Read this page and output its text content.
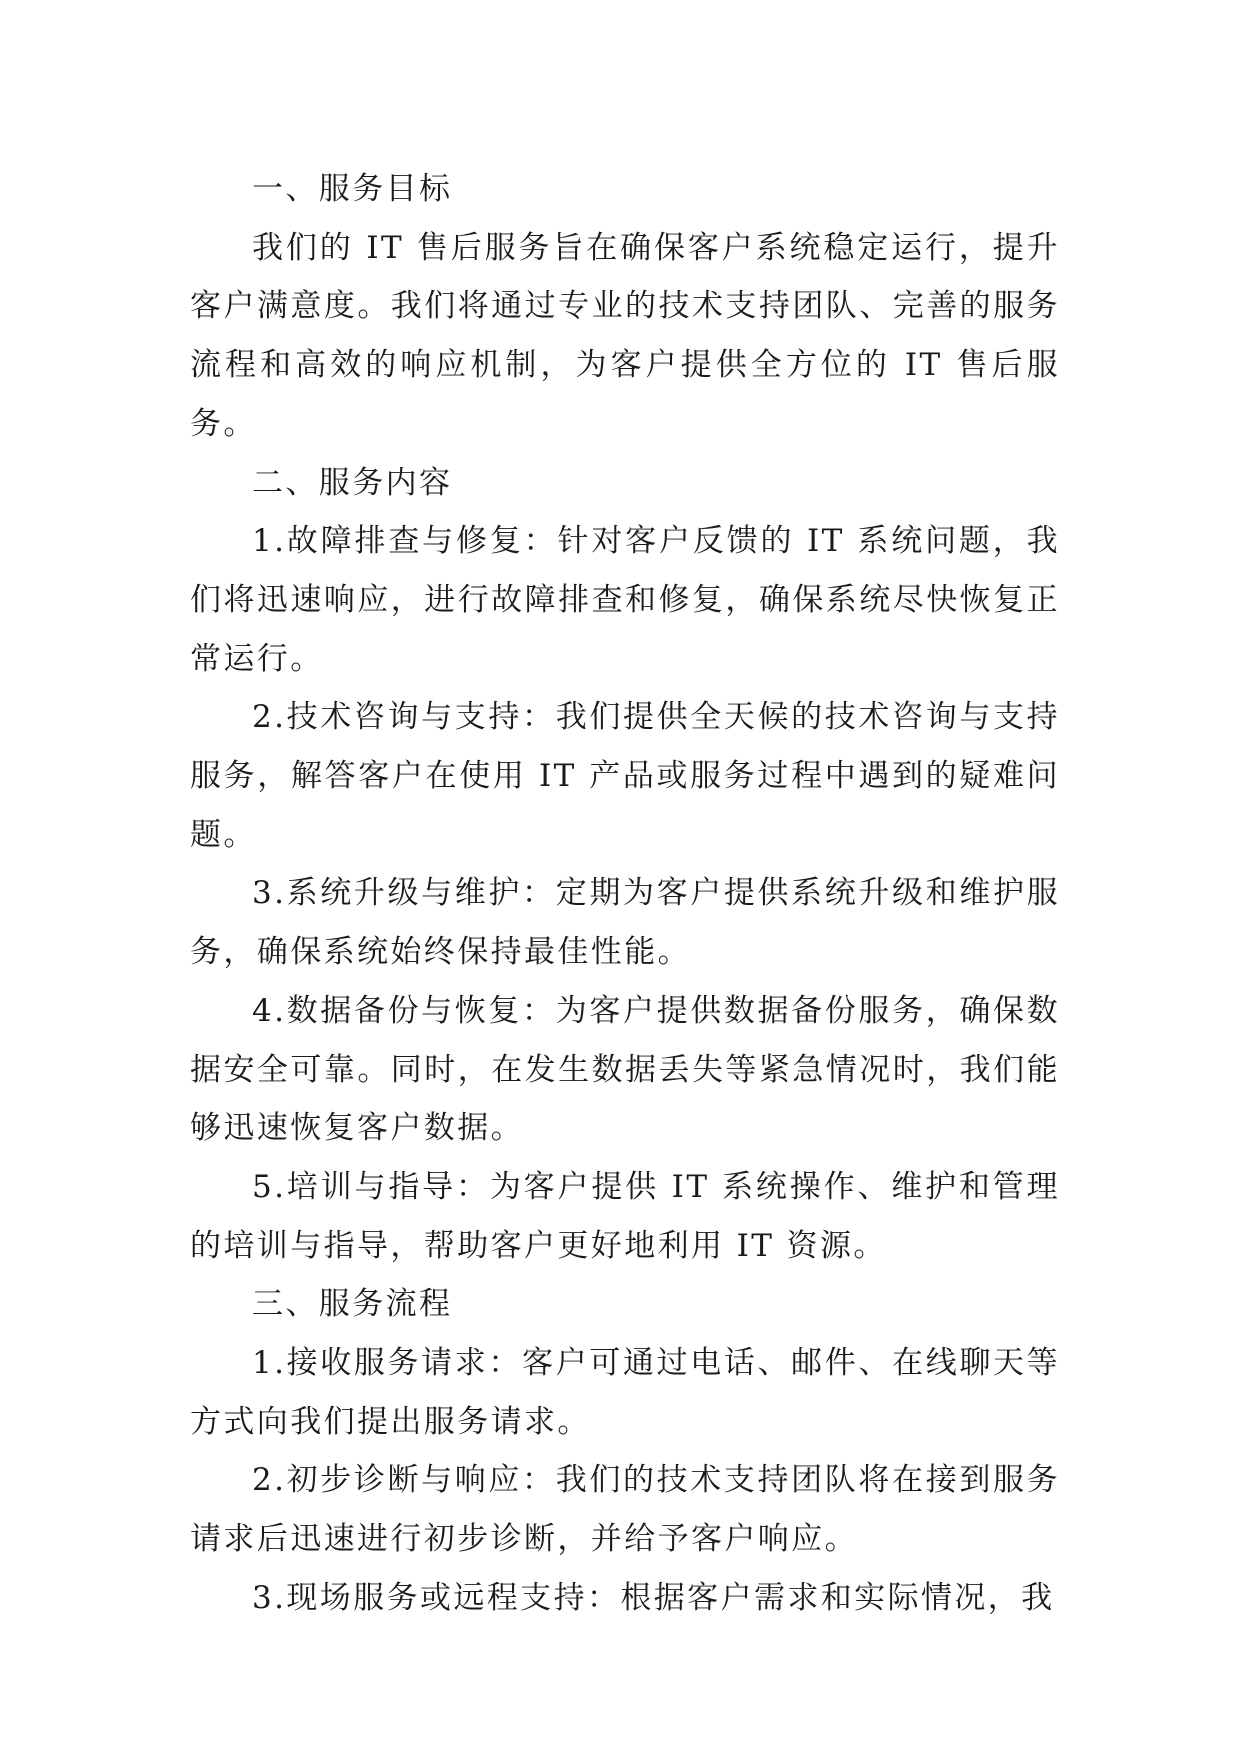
一、服务目标

我们的 IT 售后服务旨在确保客户系统稳定运行，提升客户满意度。我们将通过专业的技术支持团队、完善的服务流程和高效的响应机制，为客户提供全方位的 IT 售后服务。

二、服务内容

1.故障排查与修复：针对客户反馈的 IT 系统问题，我们将迅速响应，进行故障排查和修复，确保系统尽快恢复正常运行。

2.技术咨询与支持：我们提供全天候的技术咨询与支持服务，解答客户在使用 IT 产品或服务过程中遇到的疑难问题。

3.系统升级与维护：定期为客户提供系统升级和维护服务，确保系统始终保持最佳性能。

4.数据备份与恢复：为客户提供数据备份服务，确保数据安全可靠。同时，在发生数据丢失等紧急情况时，我们能够迅速恢复客户数据。

5.培训与指导：为客户提供 IT 系统操作、维护和管理的培训与指导，帮助客户更好地利用 IT 资源。

三、服务流程

1.接收服务请求：客户可通过电话、邮件、在线聊天等方式向我们提出服务请求。

2.初步诊断与响应：我们的技术支持团队将在接到服务请求后迅速进行初步诊断，并给予客户响应。

3.现场服务或远程支持：根据客户需求和实际情况，我
